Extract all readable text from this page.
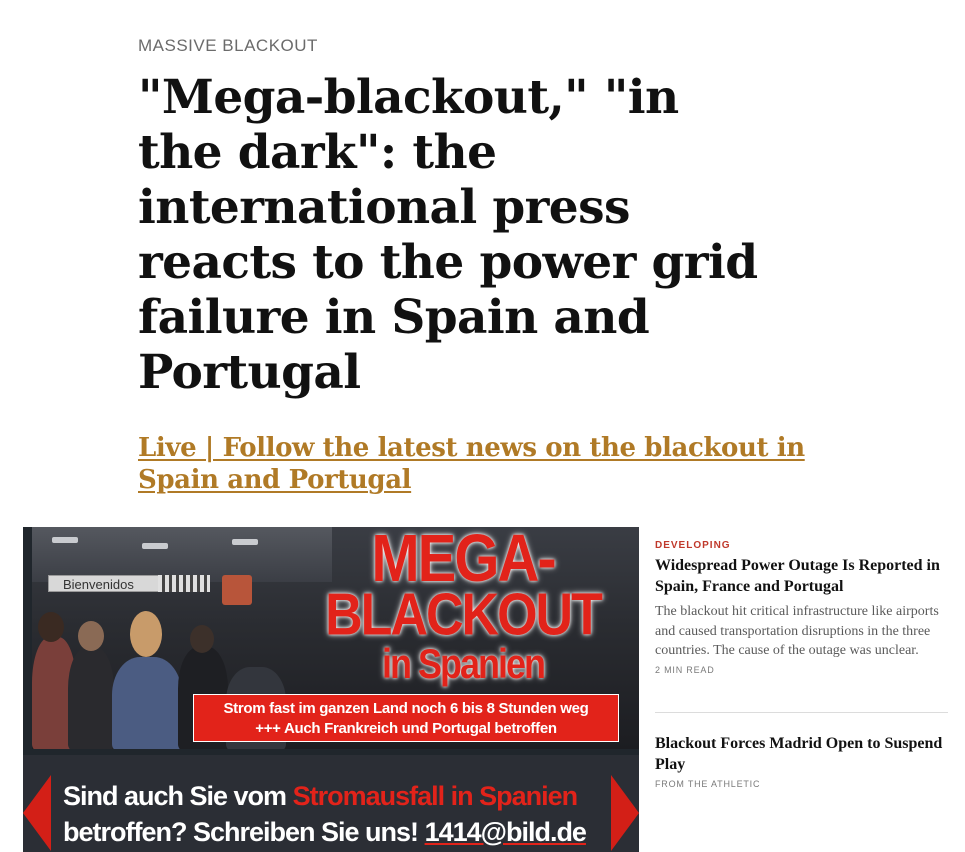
MASSIVE BLACKOUT
"Mega-blackout," "in the dark": the international press reacts to the power grid failure in Spain and Portugal
Live | Follow the latest news on the blackout in Spain and Portugal
Bienvenidos	MEGA-
BLACKOUT
in Spanien
Strom fast im ganzen Land noch 6 bis 8 Stunden weg
+++ Auch Frankreich und Portugal betroffen
Sind auch Sie vom Stromausfall in Spanien
betroffen? Schreiben Sie uns! 1414@bild.de

DEVELOPING

Widespread Power Outage Is Reported in Spain, France and Portugal

The blackout hit critical infrastructure like airports and caused transportation disruptions in the three countries. The cause of the outage was unclear.

2 MIN READ

Blackout Forces Madrid Open to Suspend Play

FROM THE ATHLETIC
